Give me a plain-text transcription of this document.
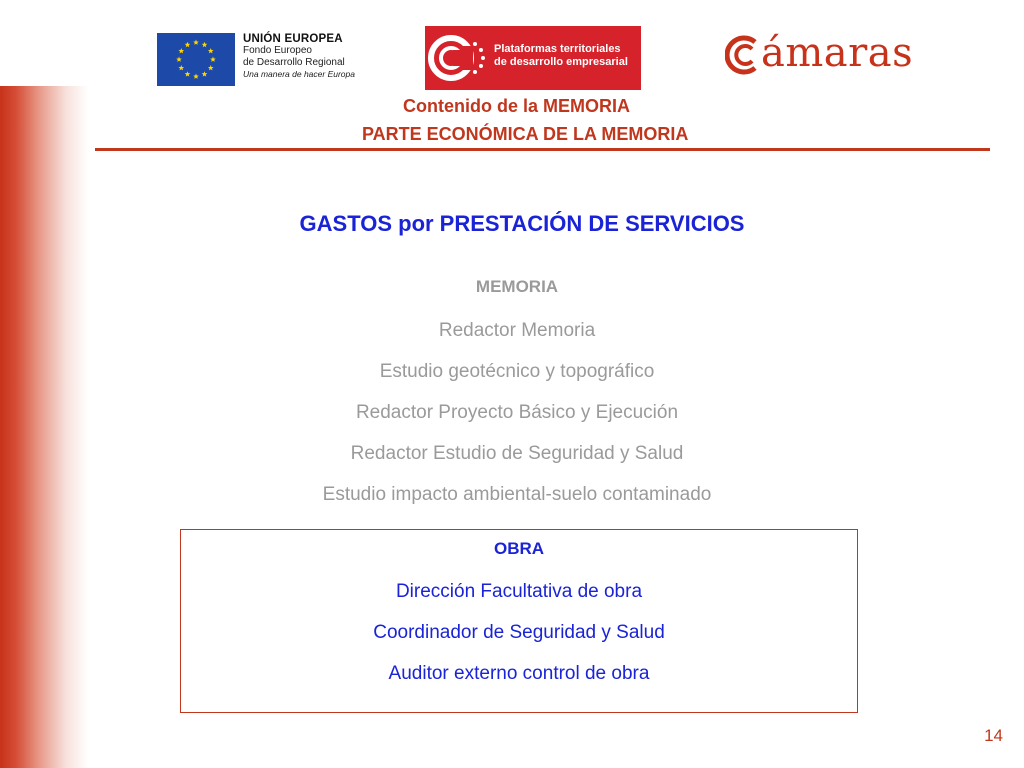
UNIÓN EUROPEA
Fondo Europeo
de Desarrollo Regional
Una manera de hacer Europa
Plataformas territoriales
de desarrollo empresarial	ámaras
Contenido de la MEMORIA
PARTE ECONÓMICA DE LA MEMORIA
GASTOS por PRESTACIÓN DE SERVICIOS
MEMORIA
Redactor Memoria
Estudio geotécnico y topográfico
Redactor Proyecto Básico y Ejecución
Redactor Estudio de Seguridad y Salud
Estudio impacto ambiental-suelo contaminado
OBRA
Dirección Facultativa de obra
Coordinador de Seguridad y Salud
Auditor externo control de obra
14
